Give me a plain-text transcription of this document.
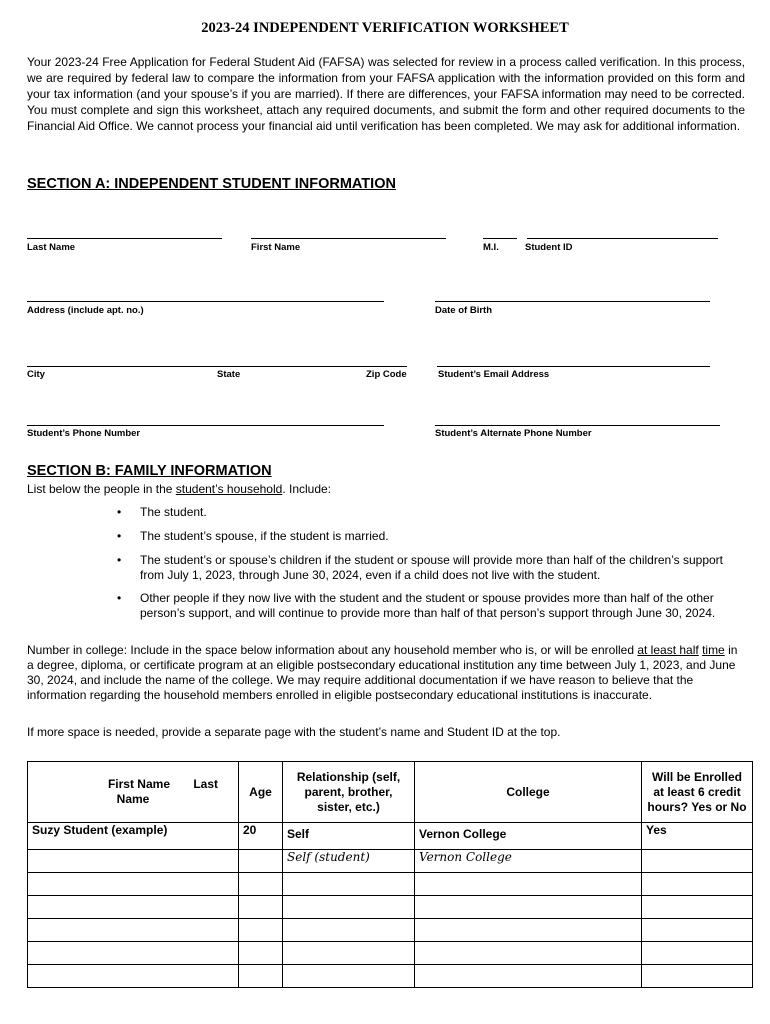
2023-24 INDEPENDENT VERIFICATION WORKSHEET
Your 2023-24 Free Application for Federal Student Aid (FAFSA) was selected for review in a process called verification. In this process, we are required by federal law to compare the information from your FAFSA application with the information provided on this form and your tax information (and your spouse’s if you are married). If there are differences, your FAFSA information may need to be corrected. You must complete and sign this worksheet, attach any required documents, and submit the form and other required documents to the Financial Aid Office. We cannot process your financial aid until verification has been completed. We may ask for additional information.
SECTION A: INDEPENDENT STUDENT INFORMATION
Last Name	First Name	M.I.	Student ID
Address (include apt. no.)	Date of Birth
City	State	Zip Code	Student’s Email Address
Student’s Phone Number	Student’s Alternate Phone Number
SECTION B: FAMILY INFORMATION
List below the people in the student’s household. Include:
• The student.
• The student’s spouse, if the student is married.
• The student’s or spouse’s children if the student or spouse will provide more than half of the children’s support from July 1, 2023, through June 30, 2024, even if a child does not live with the student.
• Other people if they now live with the student and the student or spouse provides more than half of the other person’s support, and will continue to provide more than half of that person’s support through June 30, 2024.
Number in college: Include in the space below information about any household member who is, or will be enrolled at least half time in a degree, diploma, or certificate program at an eligible postsecondary educational institution any time between July 1, 2023, and June 30, 2024, and include the name of the college. We may require additional documentation if we have reason to believe that the information regarding the household members enrolled in eligible postsecondary educational institutions is inaccurate.
If more space is needed, provide a separate page with the student’s name and Student ID at the top.
First Name Last Name	Age	Relationship (self, parent, brother, sister, etc.)	College	Will be Enrolled at least 6 credit hours? Yes or No
Suzy Student (example)	20	Self	Vernon College	Yes
		Self (student)	Vernon College	
